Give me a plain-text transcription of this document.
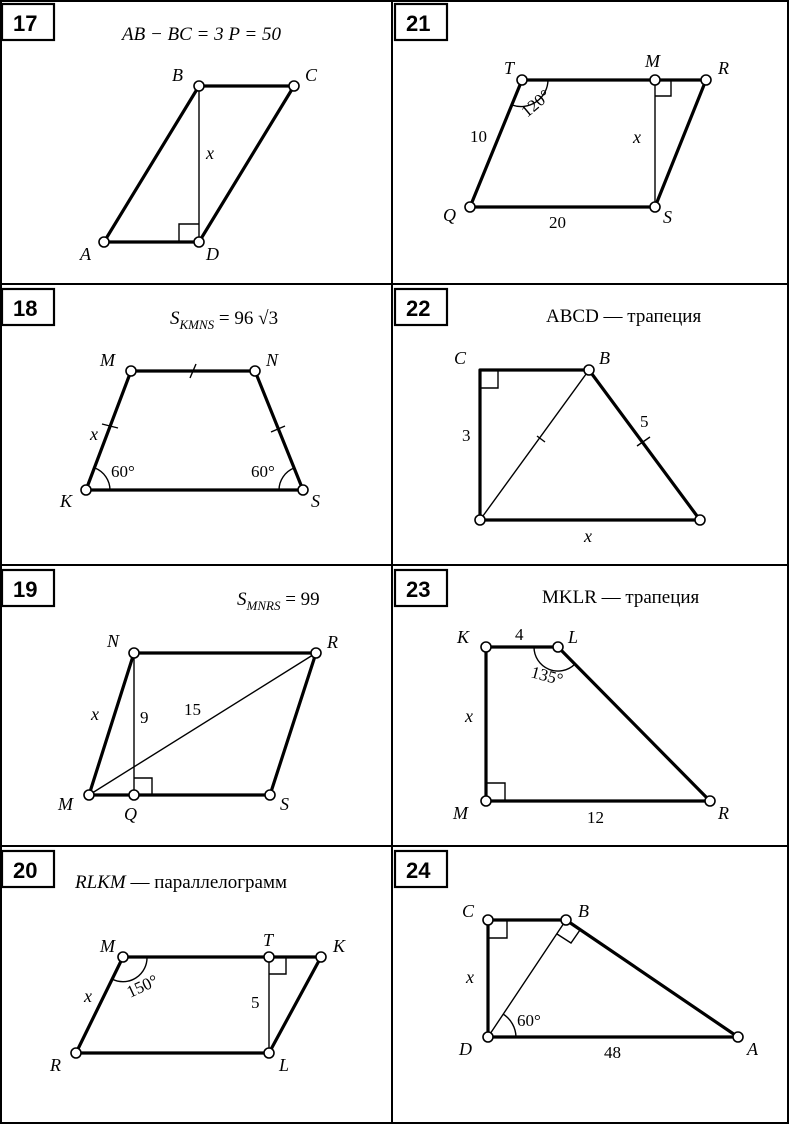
17	AB − BC = 3 P = 50
A
B	C
D
x
21
T	M	R
Q	S
x
10
20
120°
18	$S_{KMNS} = 96$ √3
M	N
K	S
x
60°	60°
22	ABCD — трапеция
C	B
x
3
5
19	$S_{MNRS} = 99$
N	R
M	Q	S
x 9 15
23	MKLR — трапеция
K	L
M	R
x
4
135°
12
20 RLKM — параллелограмм
M	T	K
R	L
x 150°
5
24
C	B
D	A
x
60°
48
